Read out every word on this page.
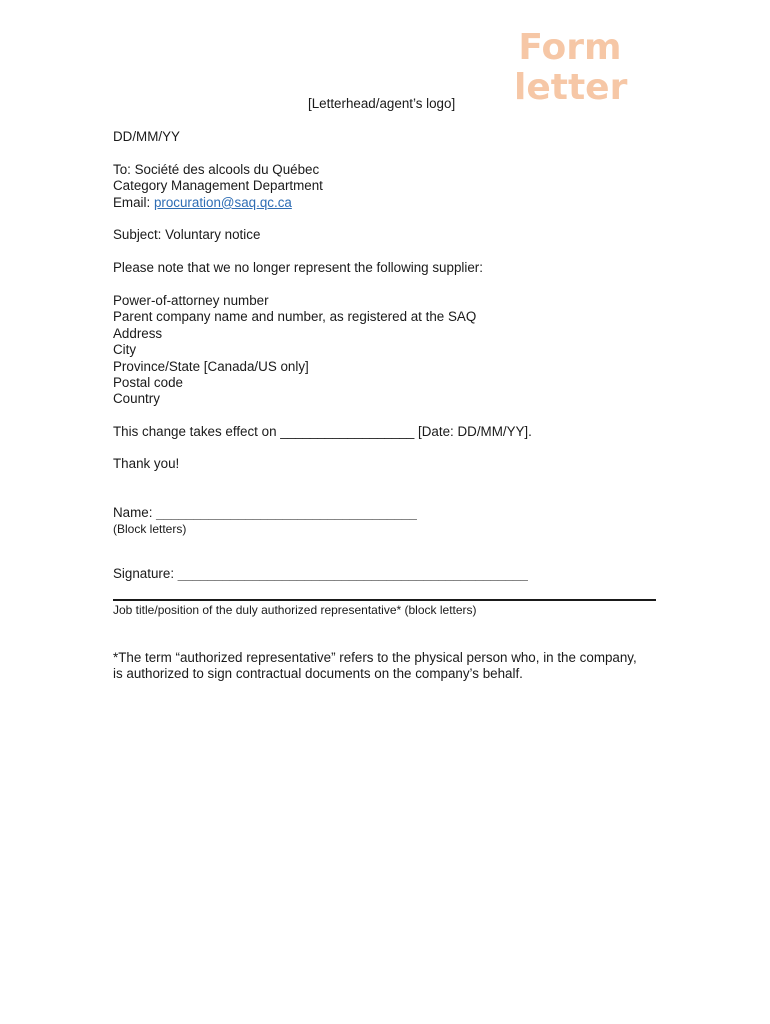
Form
letter
[Letterhead/agent’s logo]
DD/MM/YY
To: Société des alcools du Québec
Category Management Department
Email: procuration@saq.qc.ca
Subject: Voluntary notice
Please note that we no longer represent the following supplier:
Power-of-attorney number
Parent company name and number, as registered at the SAQ
Address
City
Province/State [Canada/US only]
Postal code
Country
This change takes effect on __________________ [Date: DD/MM/YY].
Thank you!
Name: ___________________________________
(Block letters)
Signature: _______________________________________________
Job title/position of the duly authorized representative* (block letters)
*The term “authorized representative” refers to the physical person who, in the company,
is authorized to sign contractual documents on the company’s behalf.
